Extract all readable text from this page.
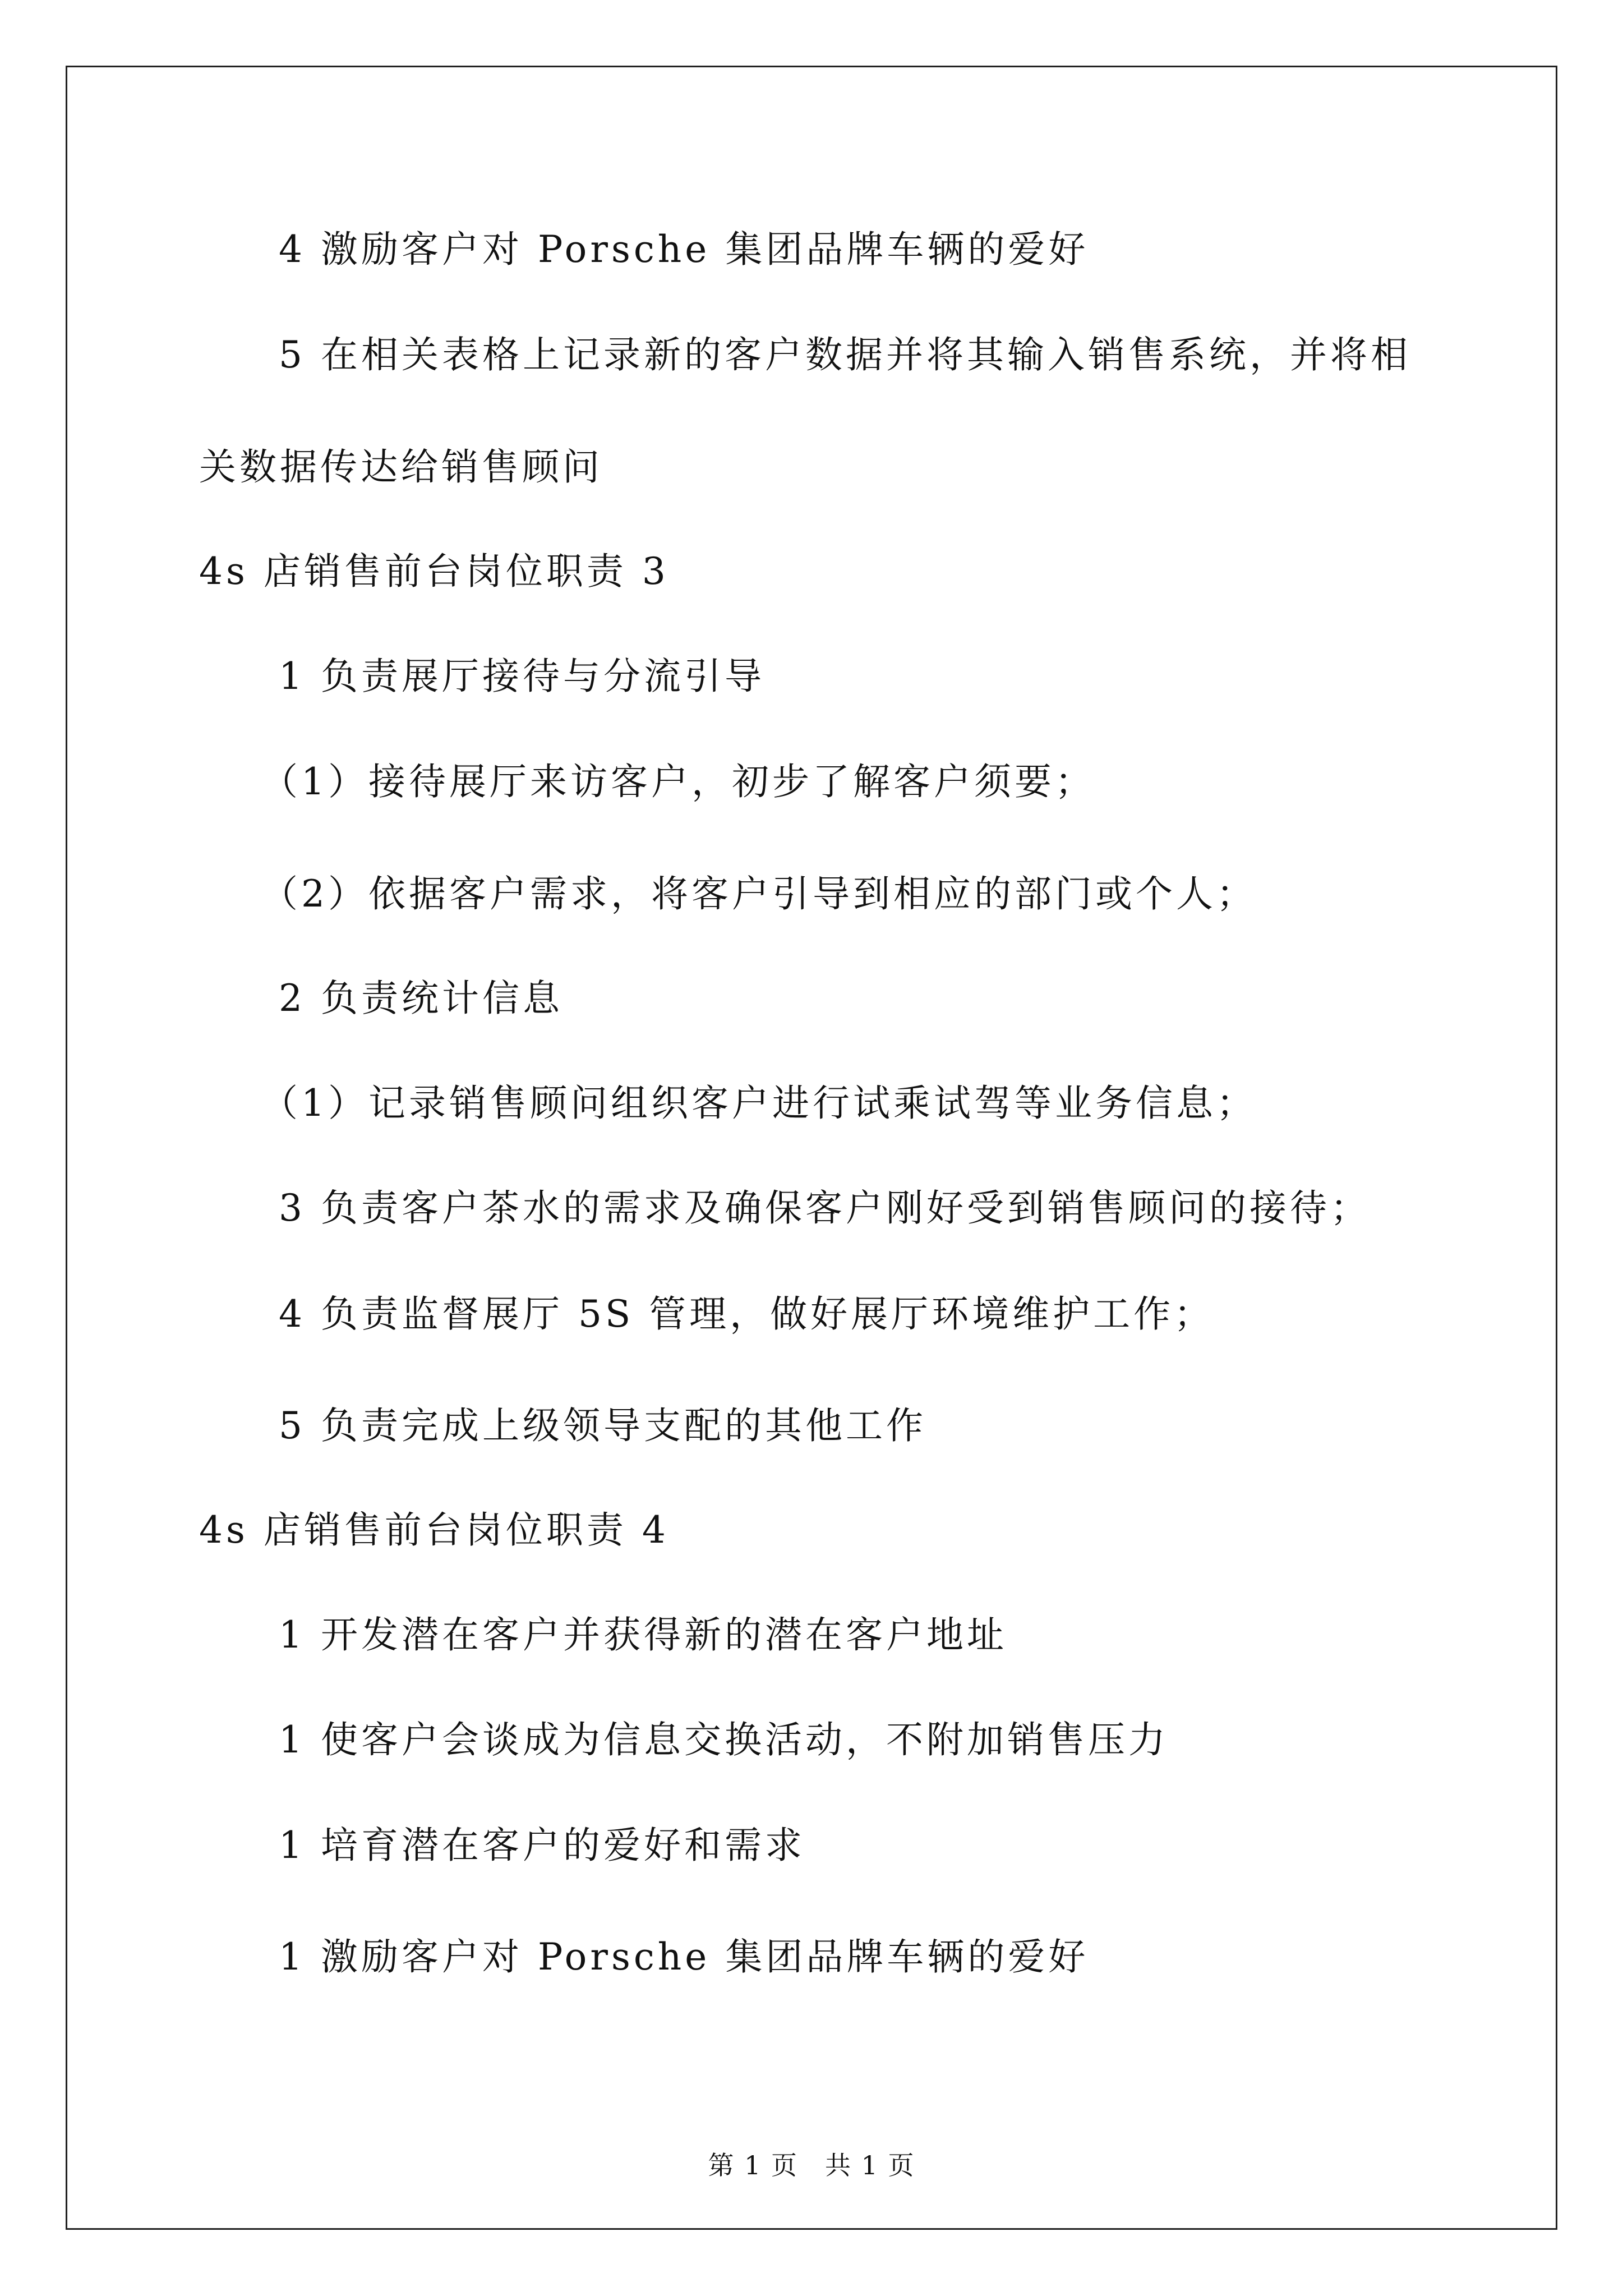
4 激励客户对 Porsche 集团品牌车辆的爱好
5 在相关表格上记录新的客户数据并将其输入销售系统，并将相
关数据传达给销售顾问
4s 店销售前台岗位职责 3
1 负责展厅接待与分流引导
（1）接待展厅来访客户，初步了解客户须要；
（2）依据客户需求，将客户引导到相应的部门或个人；
2 负责统计信息
（1）记录销售顾问组织客户进行试乘试驾等业务信息；
3 负责客户茶水的需求及确保客户刚好受到销售顾问的接待；
4 负责监督展厅 5S 管理，做好展厅环境维护工作；
5 负责完成上级领导支配的其他工作
4s 店销售前台岗位职责 4
1 开发潜在客户并获得新的潜在客户地址
1 使客户会谈成为信息交换活动，不附加销售压力
1 培育潜在客户的爱好和需求
1 激励客户对 Porsche 集团品牌车辆的爱好
第 1 页　共 1 页
